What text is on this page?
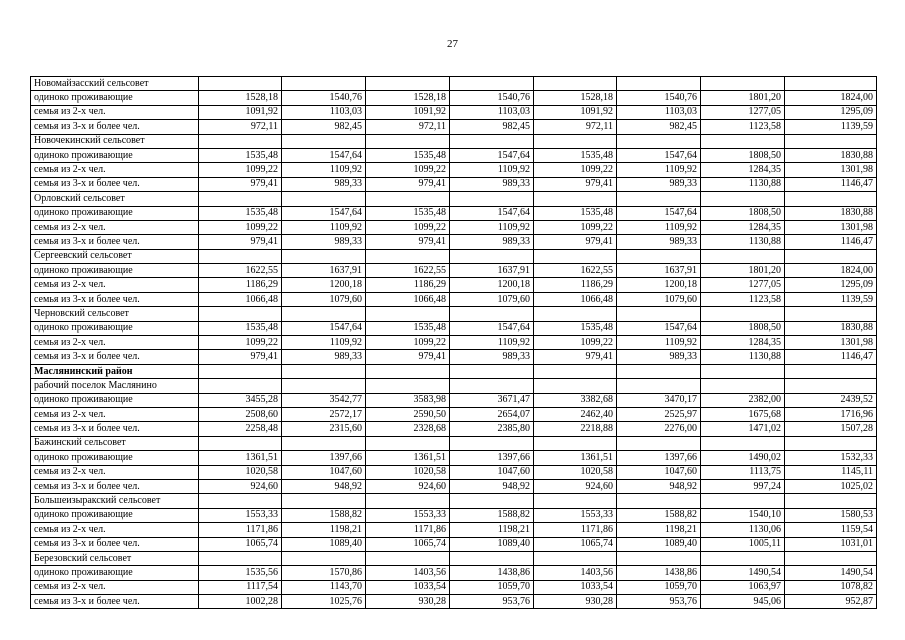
27
Новомайзасский сельсовет								
одиноко проживающие	1528,18	1540,76	1528,18	1540,76	1528,18	1540,76	1801,20	1824,00
семья из 2-х чел.	1091,92	1103,03	1091,92	1103,03	1091,92	1103,03	1277,05	1295,09
семья из 3-х и более чел.	972,11	982,45	972,11	982,45	972,11	982,45	1123,58	1139,59
Новочекинский сельсовет								
одиноко проживающие	1535,48	1547,64	1535,48	1547,64	1535,48	1547,64	1808,50	1830,88
семья из 2-х чел.	1099,22	1109,92	1099,22	1109,92	1099,22	1109,92	1284,35	1301,98
семья из 3-х и более чел.	979,41	989,33	979,41	989,33	979,41	989,33	1130,88	1146,47
Орловский сельсовет								
одиноко проживающие	1535,48	1547,64	1535,48	1547,64	1535,48	1547,64	1808,50	1830,88
семья из 2-х чел.	1099,22	1109,92	1099,22	1109,92	1099,22	1109,92	1284,35	1301,98
семья из 3-х и более чел.	979,41	989,33	979,41	989,33	979,41	989,33	1130,88	1146,47
Сергеевский сельсовет								
одиноко проживающие	1622,55	1637,91	1622,55	1637,91	1622,55	1637,91	1801,20	1824,00
семья из 2-х чел.	1186,29	1200,18	1186,29	1200,18	1186,29	1200,18	1277,05	1295,09
семья из 3-х и более чел.	1066,48	1079,60	1066,48	1079,60	1066,48	1079,60	1123,58	1139,59
Черновский сельсовет								
одиноко проживающие	1535,48	1547,64	1535,48	1547,64	1535,48	1547,64	1808,50	1830,88
семья из 2-х чел.	1099,22	1109,92	1099,22	1109,92	1099,22	1109,92	1284,35	1301,98
семья из 3-х и более чел.	979,41	989,33	979,41	989,33	979,41	989,33	1130,88	1146,47
Маслянинский район								
рабочий поселок Маслянино								
одиноко проживающие	3455,28	3542,77	3583,98	3671,47	3382,68	3470,17	2382,00	2439,52
семья из 2-х чел.	2508,60	2572,17	2590,50	2654,07	2462,40	2525,97	1675,68	1716,96
семья из 3-х и более чел.	2258,48	2315,60	2328,68	2385,80	2218,88	2276,00	1471,02	1507,28
Бажинский сельсовет								
одиноко проживающие	1361,51	1397,66	1361,51	1397,66	1361,51	1397,66	1490,02	1532,33
семья из 2-х чел.	1020,58	1047,60	1020,58	1047,60	1020,58	1047,60	1113,75	1145,11
семья из 3-х и более чел.	924,60	948,92	924,60	948,92	924,60	948,92	997,24	1025,02
Большеизыракский сельсовет								
одиноко проживающие	1553,33	1588,82	1553,33	1588,82	1553,33	1588,82	1540,10	1580,53
семья из 2-х чел.	1171,86	1198,21	1171,86	1198,21	1171,86	1198,21	1130,06	1159,54
семья из 3-х и более чел.	1065,74	1089,40	1065,74	1089,40	1065,74	1089,40	1005,11	1031,01
Березовский сельсовет								
одиноко проживающие	1535,56	1570,86	1403,56	1438,86	1403,56	1438,86	1490,54	1490,54
семья из 2-х чел.	1117,54	1143,70	1033,54	1059,70	1033,54	1059,70	1063,97	1078,82
семья из 3-х и более чел.	1002,28	1025,76	930,28	953,76	930,28	953,76	945,06	952,87
